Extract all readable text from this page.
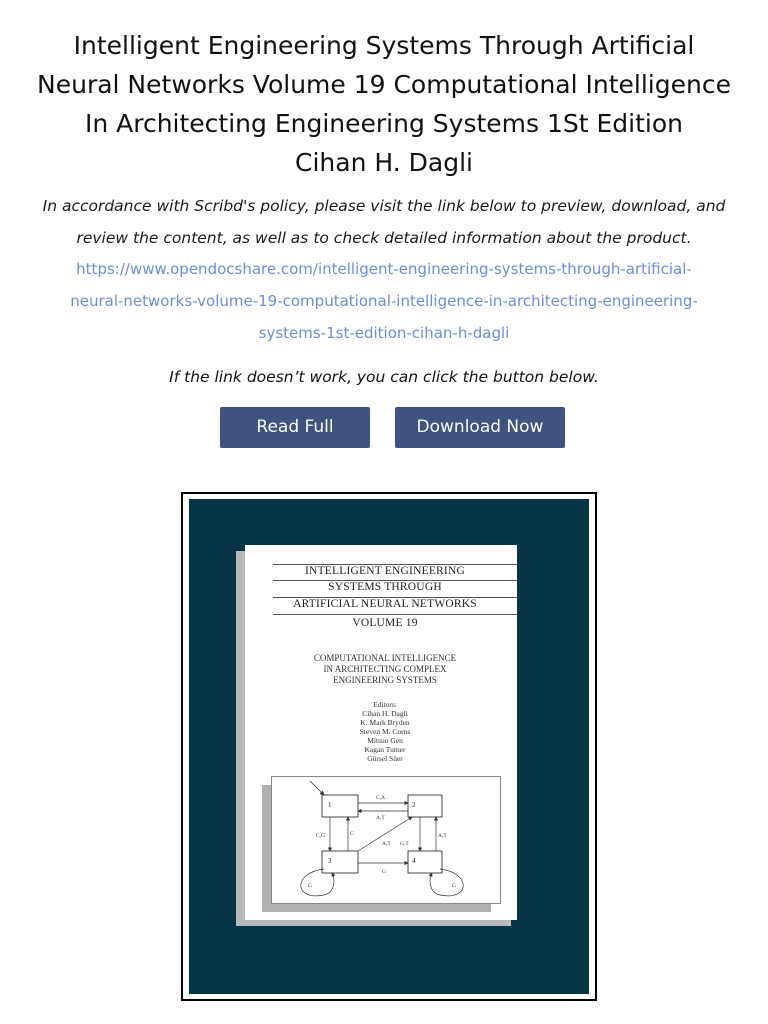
Intelligent Engineering Systems Through Artificial
Neural Networks Volume 19 Computational Intelligence
In Architecting Engineering Systems 1St Edition
Cihan H. Dagli
In accordance with Scribd's policy, please visit the link below to preview, download, and
review the content, as well as to check detailed information about the product.
https://www.opendocshare.com/intelligent-engineering-systems-through-artificial-
neural-networks-volume-19-computational-intelligence-in-architecting-engineering-
systems-1st-edition-cihan-h-dagli
If the link doesn’t work, you can click the button below.
Read Full	Download Now
INTELLIGENT ENGINEERING
SYSTEMS THROUGH
ARTIFICIAL NEURAL NETWORKS
VOLUME 19
COMPUTATIONAL INTELLIGENCE
IN ARCHITECTING COMPLEX
ENGINEERING SYSTEMS
Editors:
Cihan H. Dagli
K. Mark Bryden
Steven M. Corns
Mitsuo Gen
Kagan Tumer
Gürsel Süer
1	2
3	4
C,A
A,T
C,G	C
A,T G,T
A,T
G
G	G
